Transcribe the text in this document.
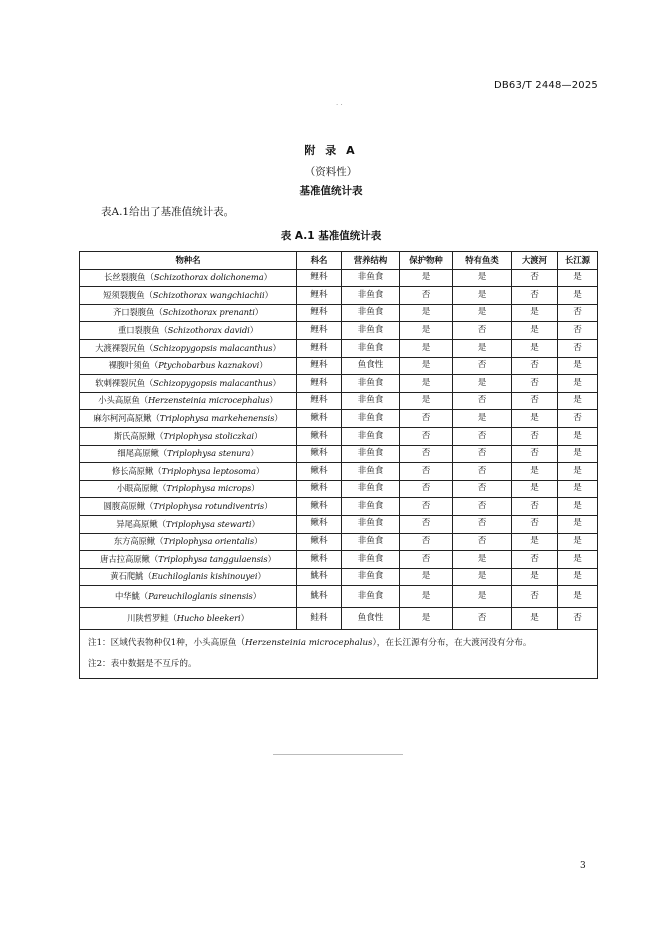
DB63/T 2448—2025
· ·
附 录 A
（资料性）
基准值统计表
表A.1给出了基准值统计表。
表 A.1 基准值统计表
物种名	科名	营养结构	保护物种	特有鱼类	大渡河	长江源
长丝裂腹鱼（Schizothorax dolichonema）	鲤科	非鱼食	是	是	否	是
短须裂腹鱼（Schizothorax wangchiachii）	鲤科	非鱼食	否	是	否	是
齐口裂腹鱼（Schizothorax prenanti）	鲤科	非鱼食	是	是	是	否
重口裂腹鱼（Schizothorax davidi）	鲤科	非鱼食	是	否	是	否
大渡裸裂尻鱼（Schizopygopsis malacanthus）	鲤科	非鱼食	是	是	是	否
裸腹叶须鱼（Ptychobarbus kaznakovi）	鲤科	鱼食性	是	否	否	是
软刺裸裂尻鱼（Schizopygopsis malacanthus）	鲤科	非鱼食	是	是	否	是
小头高原鱼（Herzensteinia microcephalus）	鲤科	非鱼食	是	否	否	是
麻尔柯河高原鳅（Triplophysa markehenensis）	鳅科	非鱼食	否	是	是	否
斯氏高原鳅（Triplophysa stoliczkai）	鳅科	非鱼食	否	否	否	是
细尾高原鳅（Triplophysa stenura）	鳅科	非鱼食	否	否	否	是
修长高原鳅（Triplophysa leptosoma）	鳅科	非鱼食	否	否	是	是
小眼高原鳅（Triplophysa microps）	鳅科	非鱼食	否	否	是	是
圆腹高原鳅（Triplophysa rotundiventris）	鳅科	非鱼食	否	否	否	是
异尾高原鳅（Triplophysa stewarti）	鳅科	非鱼食	否	否	否	是
东方高原鳅（Triplophysa orientalis）	鳅科	非鱼食	否	否	是	是
唐古拉高原鳅（Triplophysa tanggulaensis）	鳅科	非鱼食	否	是	否	是
黄石爬鮡（Euchiloglanis kishinouyei）	鮡科	非鱼食	是	是	是	是
中华鮡（Pareuchiloglanis sinensis）	鮡科	非鱼食	是	是	否	是
川陕哲罗鲑（Hucho bleekeri）	鲑科	鱼食性	是	否	是	否

注1：区域代表物种仅1种，小头高原鱼（Herzensteinia microcephalus），在长江源有分布，在大渡河没有分布。
注2：表中数据是不互斥的。						
3
